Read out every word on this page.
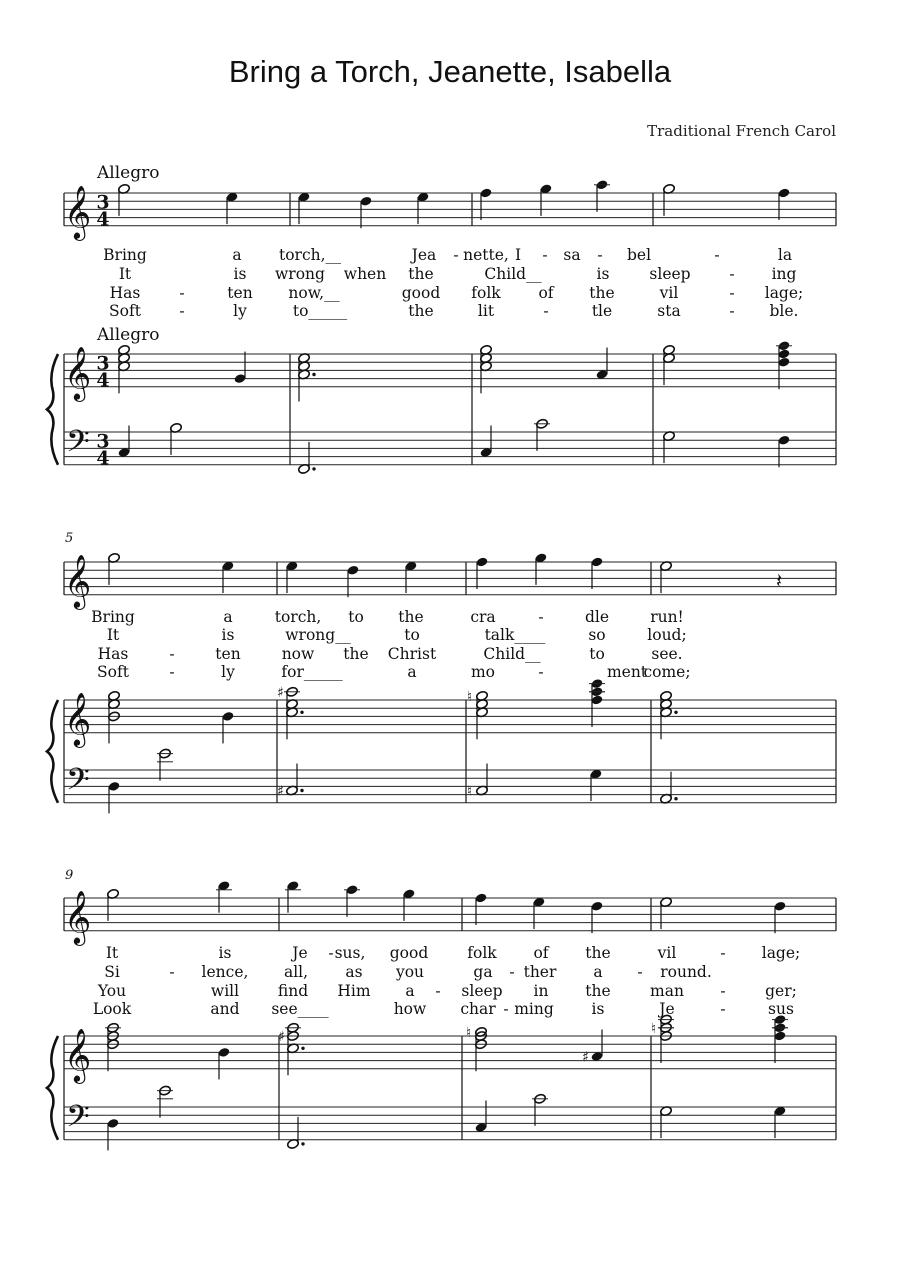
Bring a Torch, Jeanette, Isabella
Traditional French Carol
Allegro
Allegro
5
9
𝄞
𝄞
𝄢
3
4
3
4
3
4
Bring	a torch,__	Jea - nette, I - sa - bel	-	la
It	is wrong when the	Child__	is	sleep	- ing
Has	-	ten now,__	good folk of the	vil	- lage;
Soft -	ly	to_____	the	lit	-	tle	sta	- ble.
𝄞
𝄞
𝄢
𝄽
♯	♮
♯	♮
Bring	a	torch, to the	cra	-	dle	run!
It	is	wrong__	to	talk____	so	loud;
Has	-	ten	now the Christ	Child__	to	see.
Soft	-	ly	for_____	a	mo	-	ment
come;
𝄞
𝄞
𝄢
♯	♮
♯
♮
It	is	Je - sus, good	folk of the	vil	- lage;
Si	- lence, all, as you	ga - ther a - round.
You	will	find Him a - sleep in the	man -	ger;
Look	and see____	how char - ming is	Je	-	sus
